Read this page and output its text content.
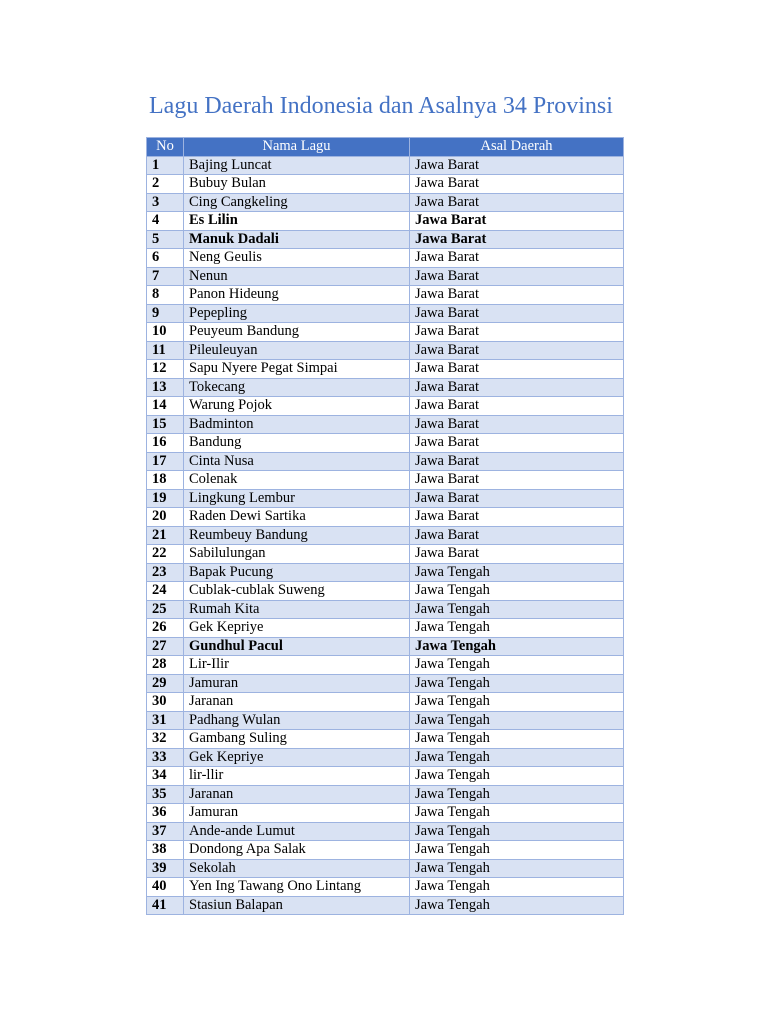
Lagu Daerah Indonesia dan Asalnya 34 Provinsi
No	Nama Lagu	Asal Daerah
1	Bajing Luncat	Jawa Barat
2	Bubuy Bulan	Jawa Barat
3	Cing Cangkeling	Jawa Barat
4	Es Lilin	Jawa Barat
5	Manuk Dadali	Jawa Barat
6	Neng Geulis	Jawa Barat
7	Nenun	Jawa Barat
8	Panon Hideung	Jawa Barat
9	Pepepling	Jawa Barat
10	Peuyeum Bandung	Jawa Barat
11	Pileuleuyan	Jawa Barat
12	Sapu Nyere Pegat Simpai	Jawa Barat
13	Tokecang	Jawa Barat
14	Warung Pojok	Jawa Barat
15	Badminton	Jawa Barat
16	Bandung	Jawa Barat
17	Cinta Nusa	Jawa Barat
18	Colenak	Jawa Barat
19	Lingkung Lembur	Jawa Barat
20	Raden Dewi Sartika	Jawa Barat
21	Reumbeuy Bandung	Jawa Barat
22	Sabilulungan	Jawa Barat
23	Bapak Pucung	Jawa Tengah
24	Cublak-cublak Suweng	Jawa Tengah
25	Rumah Kita	Jawa Tengah
26	Gek Kepriye	Jawa Tengah
27	Gundhul Pacul	Jawa Tengah
28	Lir-Ilir	Jawa Tengah
29	Jamuran	Jawa Tengah
30	Jaranan	Jawa Tengah
31	Padhang Wulan	Jawa Tengah
32	Gambang Suling	Jawa Tengah
33	Gek Kepriye	Jawa Tengah
34	lir-llir	Jawa Tengah
35	Jaranan	Jawa Tengah
36	Jamuran	Jawa Tengah
37	Ande-ande Lumut	Jawa Tengah
38	Dondong Apa Salak	Jawa Tengah
39	Sekolah	Jawa Tengah
40	Yen Ing Tawang Ono Lintang	Jawa Tengah
41	Stasiun Balapan	Jawa Tengah
